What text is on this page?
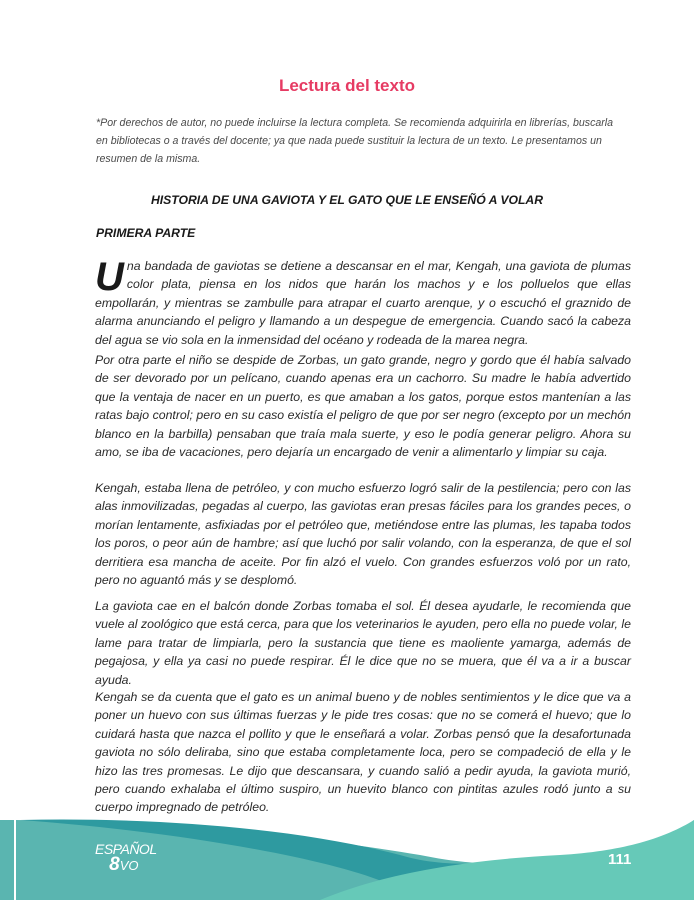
Lectura del texto

*Por derechos de autor, no puede incluirse la lectura completa. Se recomienda adquirirla en librerías, buscarla en bibliotecas o a través del docente; ya que nada puede sustituir la lectura de un texto. Le presentamos un resumen de la misma.

HISTORIA DE UNA GAVIOTA Y EL GATO QUE LE ENSEÑÓ A VOLAR
PRIMERA PARTE

Una bandada de gaviotas se detiene a descansar en el mar, Kengah, una gaviota de plumas color plata, piensa en los nidos que harán los machos y e los polluelos que ellas empollarán, y mientras se zambulle para atrapar el cuarto arenque, y o escuchó el graznido de alarma anunciando el peligro y llamando a un despegue de emergencia. Cuando sacó la cabeza del agua se vio sola en la inmensidad del océano y rodeada de la marea negra.

Por otra parte el niño se despide de Zorbas, un gato grande, negro y gordo que él había salvado de ser devorado por un pelícano, cuando apenas era un cachorro. Su madre le había advertido que la ventaja de nacer en un puerto, es que amaban a los gatos, porque estos mantenían a las ratas bajo control; pero en su caso existía el peligro de que por ser negro (excepto por un mechón blanco en la barbilla) pensaban que traía mala suerte, y eso le podía generar peligro. Ahora su amo, se iba de vacaciones, pero dejaría un encargado de venir a alimentarlo y limpiar su caja.

Kengah, estaba llena de petróleo, y con mucho esfuerzo logró salir de la pestilencia; pero con las alas inmovilizadas, pegadas al cuerpo, las gaviotas eran presas fáciles para los grandes peces, o morían lentamente, asfixiadas por el petróleo que, metiéndose entre las plumas, les tapaba todos los poros, o peor aún de hambre; así que luchó por salir volando, con la esperanza, de que el sol derritiera esa mancha de aceite. Por fin alzó el vuelo. Con grandes esfuerzos voló por un rato, pero no aguantó más y se desplomó.

La gaviota cae en el balcón donde Zorbas tomaba el sol. Él desea ayudarle, le recomienda que vuele al zoológico que está cerca, para que los veterinarios le ayuden, pero ella no puede volar, le lame para tratar de limpiarla, pero la sustancia que tiene es maoliente yamarga, además de pegajosa, y ella ya casi no puede respirar. Él le dice que no se muera, que él va a ir a buscar ayuda.

Kengah se da cuenta que el gato es un animal bueno y de nobles sentimientos y le dice que va a poner un huevo con sus últimas fuerzas y le pide tres cosas: que no se comerá el huevo; que lo cuidará hasta que nazca el pollito y que le enseñará a volar. Zorbas pensó que la desafortunada gaviota no sólo deliraba, sino que estaba completamente loca, pero se compadeció de ella y le hizo las tres promesas. Le dijo que descansara, y cuando salió a pedir ayuda, la gaviota murió, pero cuando exhalaba el último suspiro, un huevito blanco con pintitas azules rodó junto a su cuerpo impregnado de petróleo.

ESPAÑOL
8VO	111
